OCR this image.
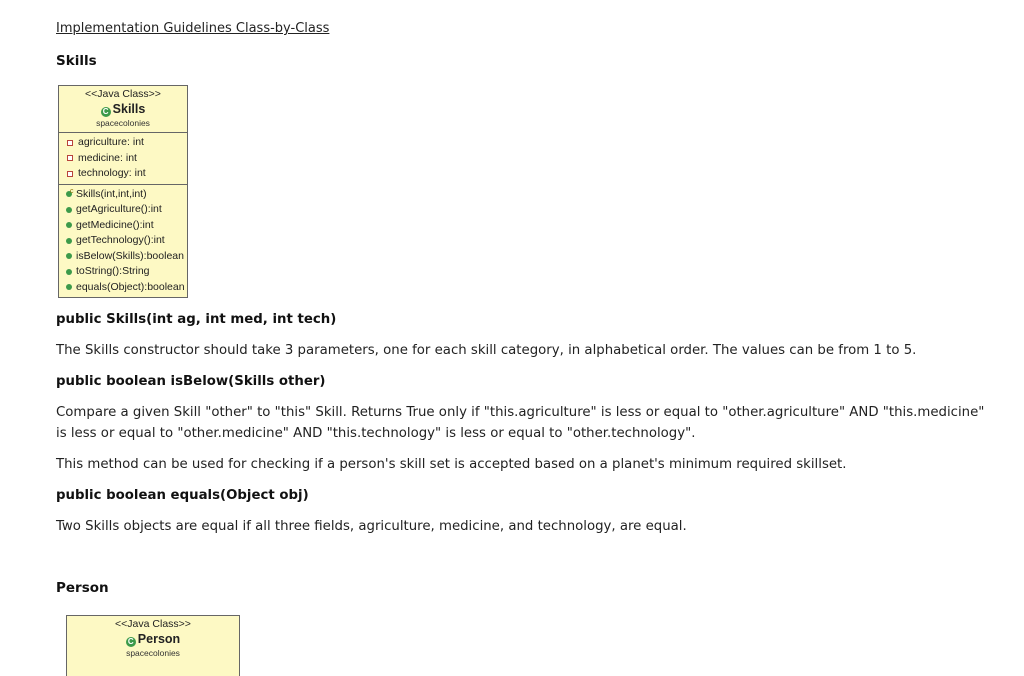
Implementation Guidelines Class-by-Class
Skills
<<Java Class>>
C Skills
spacecolonies
agriculture: int
medicine: int
technology: int
c
Skills(int,int,int)
getAgriculture():int
getMedicine():int
getTechnology():int
isBelow(Skills):boolean
toString():String
equals(Object):boolean

public Skills(int ag, int med, int tech)

The Skills constructor should take 3 parameters, one for each skill category, in alphabetical order. The values can be from 1 to 5.

public boolean isBelow(Skills other)

Compare a given Skill "other" to "this" Skill. Returns True only if "this.agriculture" is less or equal to "other.agriculture" AND "this.medicine" is less or equal to "other.medicine" AND "this.technology" is less or equal to "other.technology".

This method can be used for checking if a person's skill set is accepted based on a planet's minimum required skillset.

public boolean equals(Object obj)

Two Skills objects are equal if all three fields, agriculture, medicine, and technology, are equal.

Person
<<Java Class>>
C Person
spacecolonies
